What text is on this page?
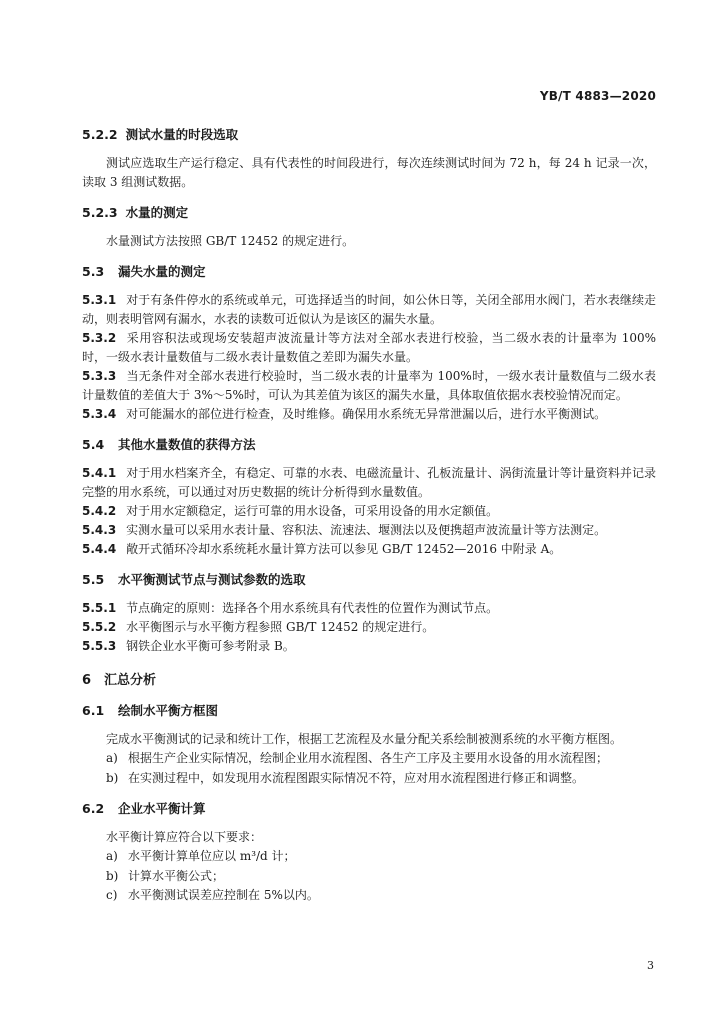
YB/T 4883—2020
5.2.2 测试水量的时段选取
测试应选取生产运行稳定、具有代表性的时间段进行，每次连续测试时间为 72 h，每 24 h 记录一次，读取 3 组测试数据。
5.2.3 水量的测定
水量测试方法按照 GB/T 12452 的规定进行。
5.3 漏失水量的测定
5.3.1 对于有条件停水的系统或单元，可选择适当的时间，如公休日等，关闭全部用水阀门，若水表继续走动，则表明管网有漏水，水表的读数可近似认为是该区的漏失水量。
5.3.2 采用容积法或现场安装超声波流量计等方法对全部水表进行校验，当二级水表的计量率为 100%时，一级水表计量数值与二级水表计量数值之差即为漏失水量。
5.3.3 当无条件对全部水表进行校验时，当二级水表的计量率为 100%时，一级水表计量数值与二级水表计量数值的差值大于 3%～5%时，可认为其差值为该区的漏失水量，具体取值依据水表校验情况而定。
5.3.4 对可能漏水的部位进行检查，及时维修。确保用水系统无异常泄漏以后，进行水平衡测试。
5.4 其他水量数值的获得方法
5.4.1 对于用水档案齐全，有稳定、可靠的水表、电磁流量计、孔板流量计、涡街流量计等计量资料并记录完整的用水系统，可以通过对历史数据的统计分析得到水量数值。
5.4.2 对于用水定额稳定，运行可靠的用水设备，可采用设备的用水定额值。
5.4.3 实测水量可以采用水表计量、容积法、流速法、堰测法以及便携超声波流量计等方法测定。
5.4.4 敞开式循环冷却水系统耗水量计算方法可以参见 GB/T 12452—2016 中附录 A。
5.5 水平衡测试节点与测试参数的选取
5.5.1 节点确定的原则：选择各个用水系统具有代表性的位置作为测试节点。
5.5.2 水平衡图示与水平衡方程参照 GB/T 12452 的规定进行。
5.5.3 钢铁企业水平衡可参考附录 B。
6 汇总分析
6.1 绘制水平衡方框图
完成水平衡测试的记录和统计工作，根据工艺流程及水量分配关系绘制被测系统的水平衡方框图。
a) 根据生产企业实际情况，绘制企业用水流程图、各生产工序及主要用水设备的用水流程图；
b) 在实测过程中，如发现用水流程图跟实际情况不符，应对用水流程图进行修正和调整。
6.2 企业水平衡计算
水平衡计算应符合以下要求：
a) 水平衡计算单位应以 m³/d 计；
b) 计算水平衡公式；
c) 水平衡测试误差应控制在 5%以内。
3
